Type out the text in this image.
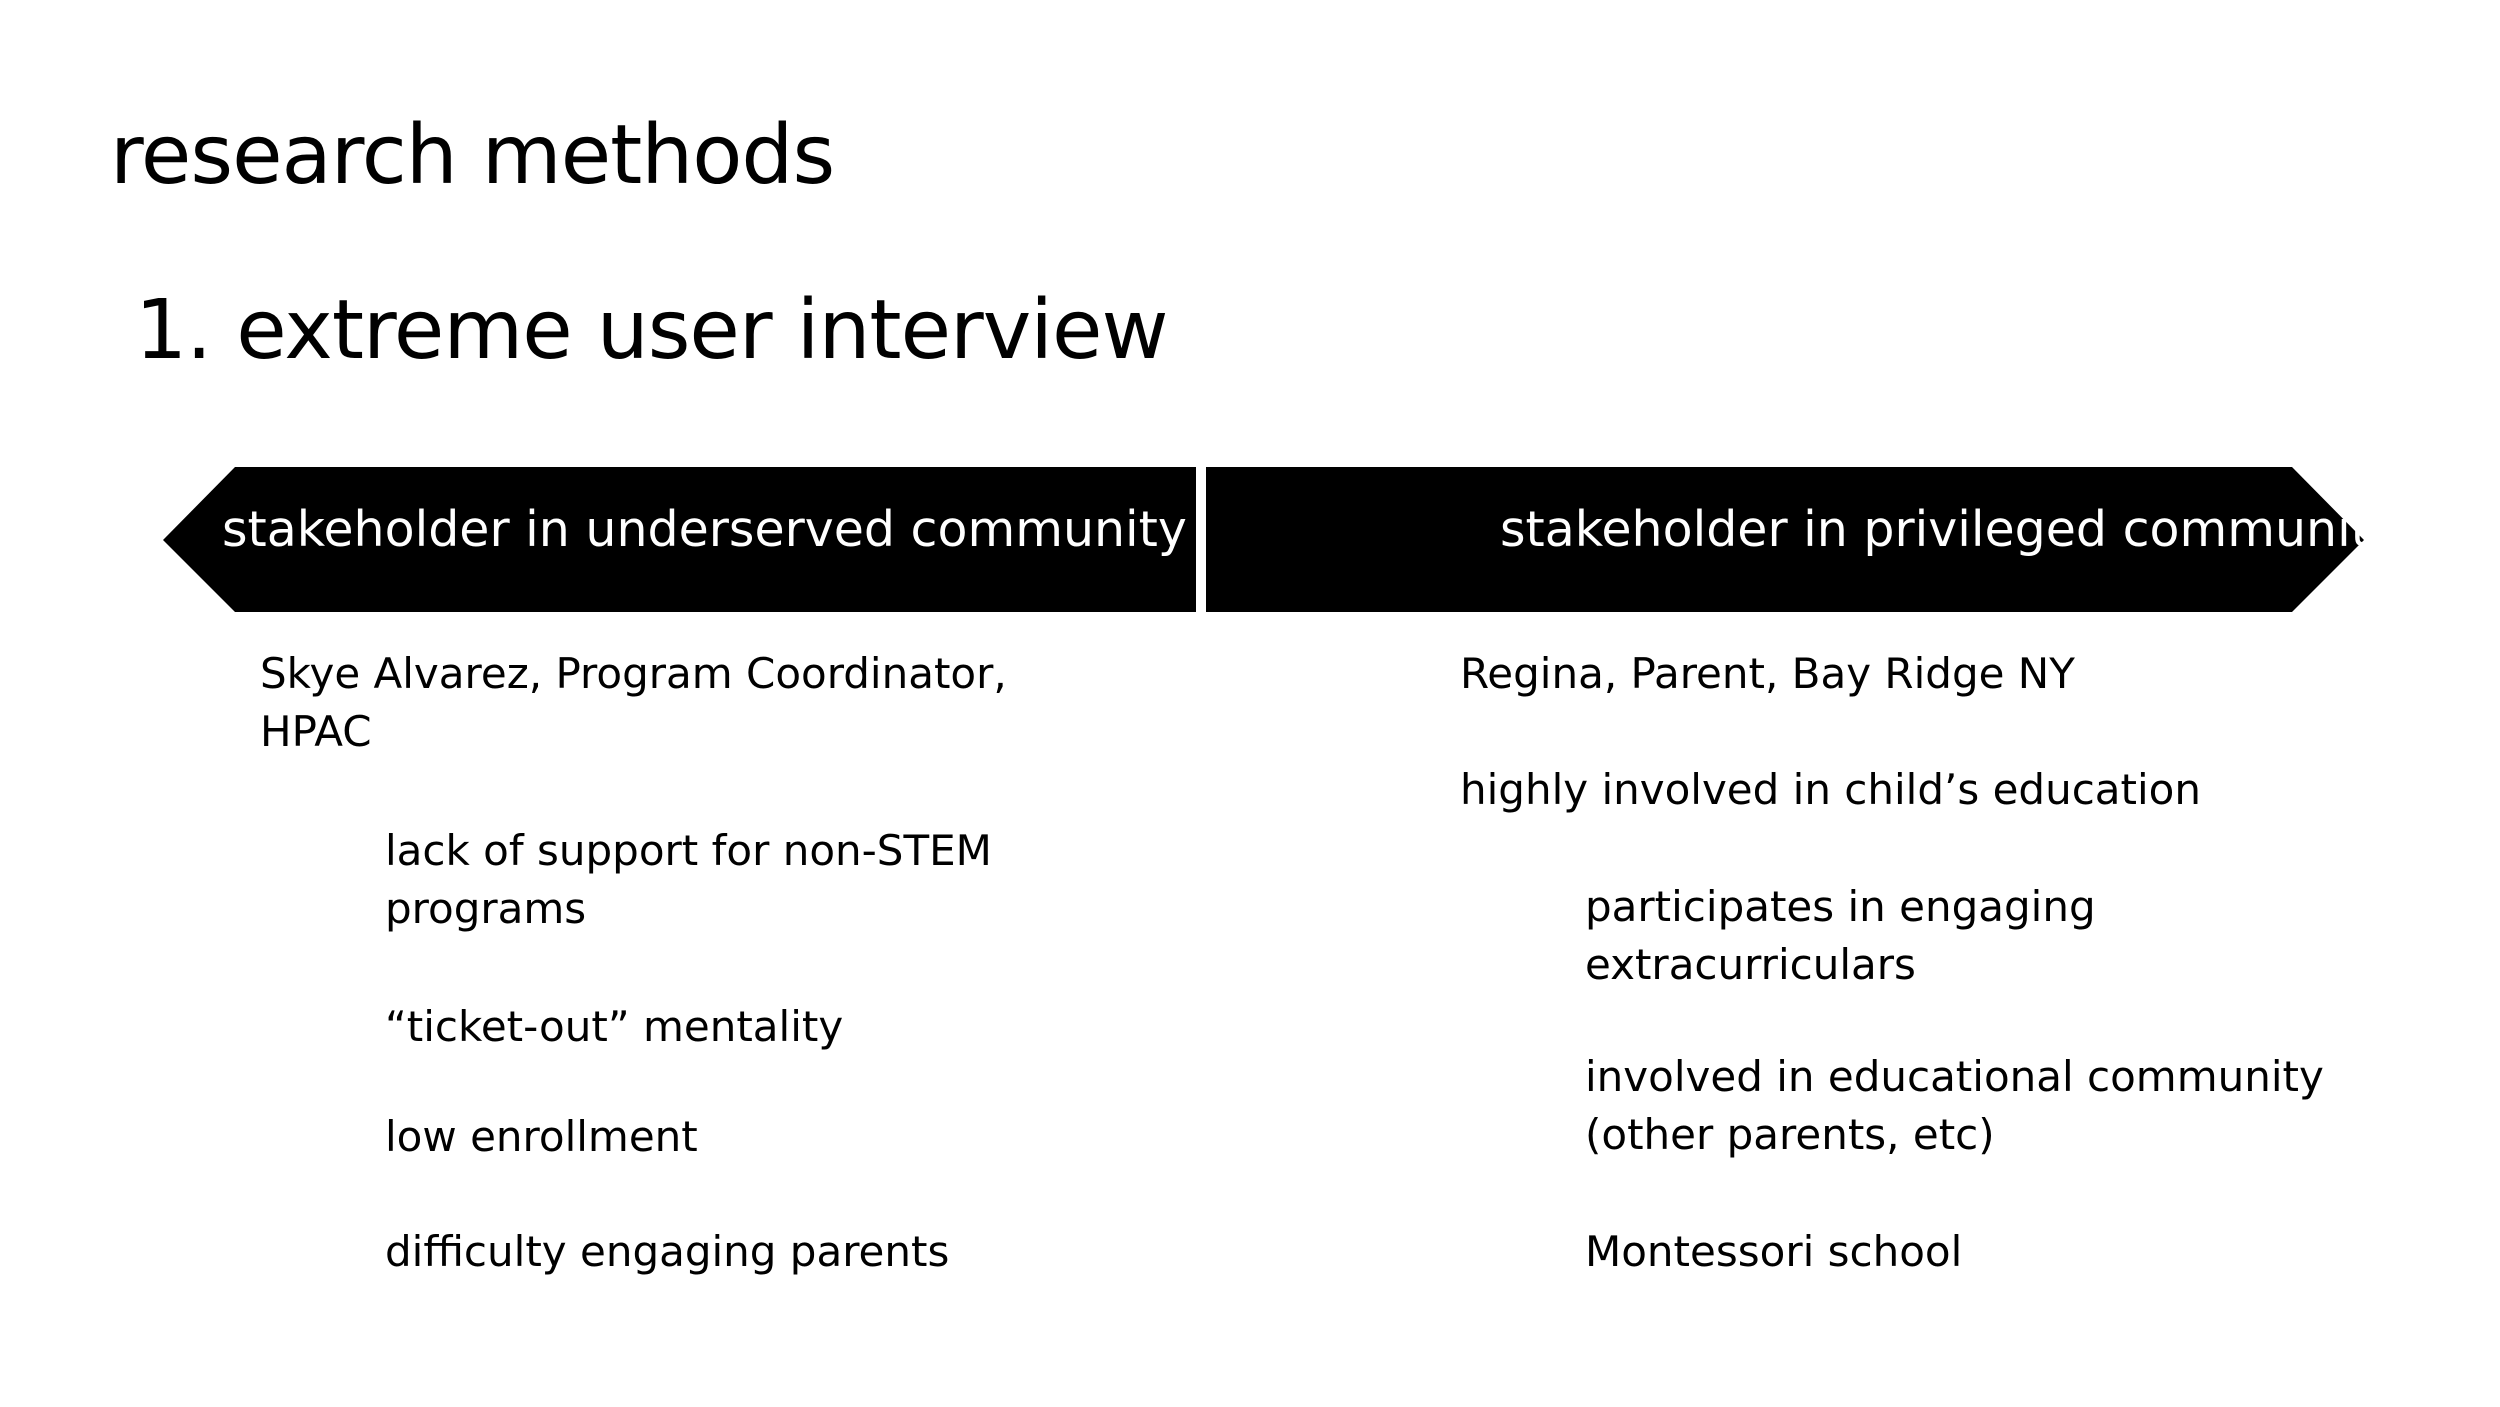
research methods
1. extreme user interview
stakeholder in underserved community	stakeholder in privileged community
Skye Alvarez, Program Coordinator,
HPAC
lack of support for non-STEM
programs
“ticket-out” mentality
low enrollment
difficulty engaging parents
Regina, Parent, Bay Ridge NY
highly involved in child’s education
participates in engaging
extracurriculars
involved in educational community
(other parents, etc)
Montessori school
